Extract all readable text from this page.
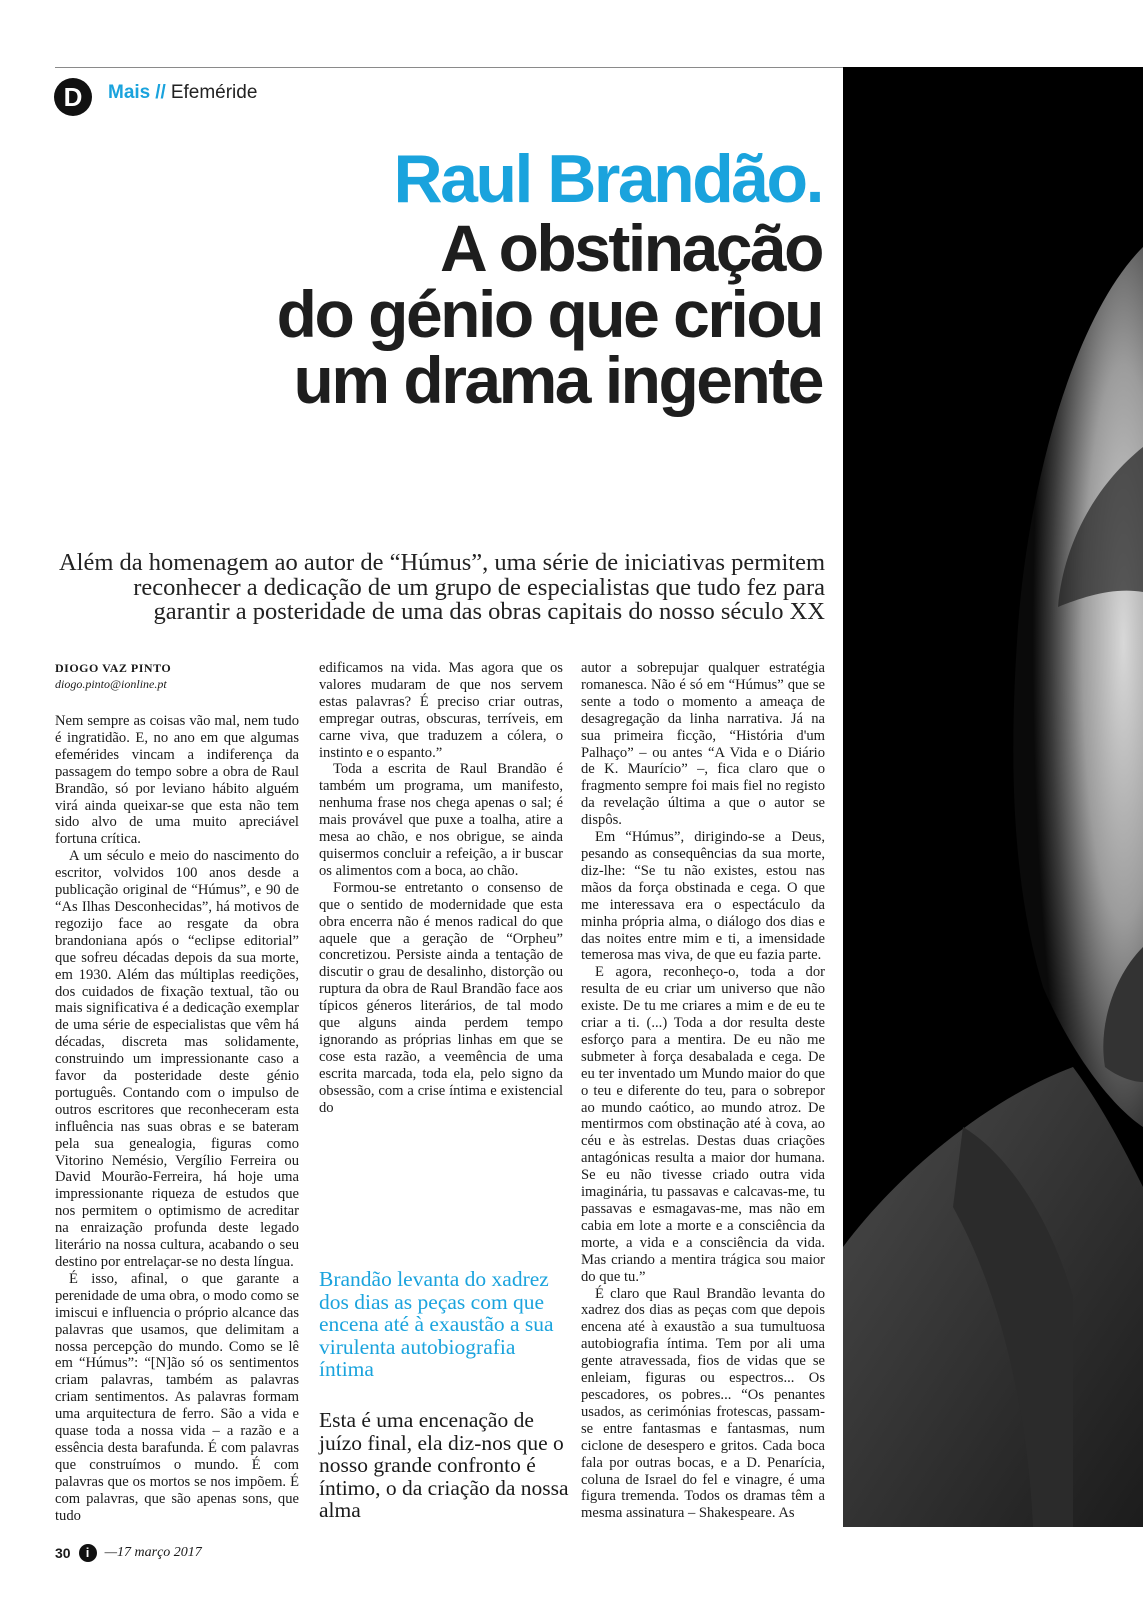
D	Mais // Efeméride
Raul Brandão.
A obstinação
do génio que criou
um drama ingente
Além da homenagem ao autor de “Húmus”, uma série de iniciativas permitem reconhecer a dedicação de um grupo de especialistas que tudo fez para garantir a posteridade de uma das obras capitais do nosso século XX
DIOGO VAZ PINTO
diogo.pinto@ionline.pt

Nem sempre as coisas vão mal, nem tudo é ingratidão. E, no ano em que algumas efemérides vincam a indiferença da passagem do tempo sobre a obra de Raul Brandão, só por leviano hábito alguém virá ainda queixar-se que esta não tem sido alvo de uma muito apreciável fortuna crítica.

A um século e meio do nascimento do escritor, volvidos 100 anos desde a publicação original de “Húmus”, e 90 de “As Ilhas Desconhecidas”, há motivos de regozijo face ao resgate da obra brandoniana após o “eclipse editorial” que sofreu décadas depois da sua morte, em 1930. Além das múltiplas reedições, dos cuidados de fixação textual, tão ou mais significativa é a dedicação exemplar de uma série de especialistas que vêm há décadas, discreta mas solidamente, construindo um impressionante caso a favor da posteridade deste génio português. Contando com o impulso de outros escritores que reconheceram esta influência nas suas obras e se bateram pela sua genealogia, figuras como Vitorino Nemésio, Vergílio Ferreira ou David Mourão-Ferreira, há hoje uma impressionante riqueza de estudos que nos permitem o optimismo de acreditar na enraização profunda deste legado literário na nossa cultura, acabando o seu destino por entrelaçar-se no desta língua.

É isso, afinal, o que garante a perenidade de uma obra, o modo como se imiscui e influencia o próprio alcance das palavras que usamos, que delimitam a nossa percepção do mundo. Como se lê em “Húmus”: “[N]ão só os sentimentos criam palavras, também as palavras criam sentimentos. As palavras formam uma arquitectura de ferro. São a vida e quase toda a nossa vida – a razão e a essência desta barafunda. É com palavras que construímos o mundo. É com palavras que os mortos se nos impõem. É com palavras, que são apenas sons, que tudo

edificamos na vida. Mas agora que os valores mudaram de que nos servem estas palavras? É preciso criar outras, empregar outras, obscuras, terríveis, em carne viva, que traduzem a cólera, o instinto e o espanto.”

Toda a escrita de Raul Brandão é também um programa, um manifesto, nenhuma frase nos chega apenas o sal; é mais provável que puxe a toalha, atire a mesa ao chão, e nos obrigue, se ainda quisermos concluir a refeição, a ir buscar os alimentos com a boca, ao chão.

Formou-se entretanto o consenso de que o sentido de modernidade que esta obra encerra não é menos radical do que aquele que a geração de “Orpheu” concretizou. Persiste ainda a tentação de discutir o grau de desalinho, distorção ou ruptura da obra de Raul Brandão face aos típicos géneros literários, de tal modo que alguns ainda perdem tempo ignorando as próprias linhas em que se cose esta razão, a veemência de uma escrita marcada, toda ela, pelo signo da obsessão, com a crise íntima e existencial do

Brandão levanta do xadrez dos dias as peças com que encena até à exaustão a sua virulenta autobiografia íntima
Esta é uma encenação de juízo final, ela diz-nos que o nosso grande confronto é íntimo, o da criação da nossa alma

autor a sobrepujar qualquer estratégia romanesca. Não é só em “Húmus” que se sente a todo o momento a ameaça de desagregação da linha narrativa. Já na sua primeira ficção, “História d'um Palhaço” – ou antes “A Vida e o Diário de K. Maurício” –, fica claro que o fragmento sempre foi mais fiel no registo da revelação última a que o autor se dispôs.

Em “Húmus”, dirigindo-se a Deus, pesando as consequências da sua morte, diz-lhe: “Se tu não existes, estou nas mãos da força obstinada e cega. O que me interessava era o espectáculo da minha própria alma, o diálogo dos dias e das noites entre mim e ti, a imensidade temerosa mas viva, de que eu fazia parte.

E agora, reconheço-o, toda a dor resulta de eu criar um universo que não existe. De tu me criares a mim e de eu te criar a ti. (...) Toda a dor resulta deste esforço para a mentira. De eu não me submeter à força desabalada e cega. De eu ter inventado um Mundo maior do que o teu e diferente do teu, para o sobrepor ao mundo caótico, ao mundo atroz. De mentirmos com obstinação até à cova, ao céu e às estrelas. Destas duas criações antagónicas resulta a maior dor humana. Se eu não tivesse criado outra vida imaginária, tu passavas e calcavas-me, tu passavas e esmagavas-me, mas não em cabia em lote a morte e a consciência da morte, a vida e a consciência da vida. Mas criando a mentira trágica sou maior do que tu.”

É claro que Raul Brandão levanta do xadrez dos dias as peças com que depois encena até à exaustão a sua tumultuosa autobiografia íntima. Tem por ali uma gente atravessada, fios de vidas que se enleiam, figuras ou espectros... Os pescadores, os pobres... “Os penantes usados, as cerimónias frotescas, passam-se entre fantasmas e fantasmas, num ciclone de desespero e gritos. Cada boca fala por outras bocas, e a D. Penarícia, coluna de Israel do fel e vinagre, é uma figura tremenda. Todos os dramas têm a mesma assinatura – Shakespeare. As

30	i	—17 março 2017
